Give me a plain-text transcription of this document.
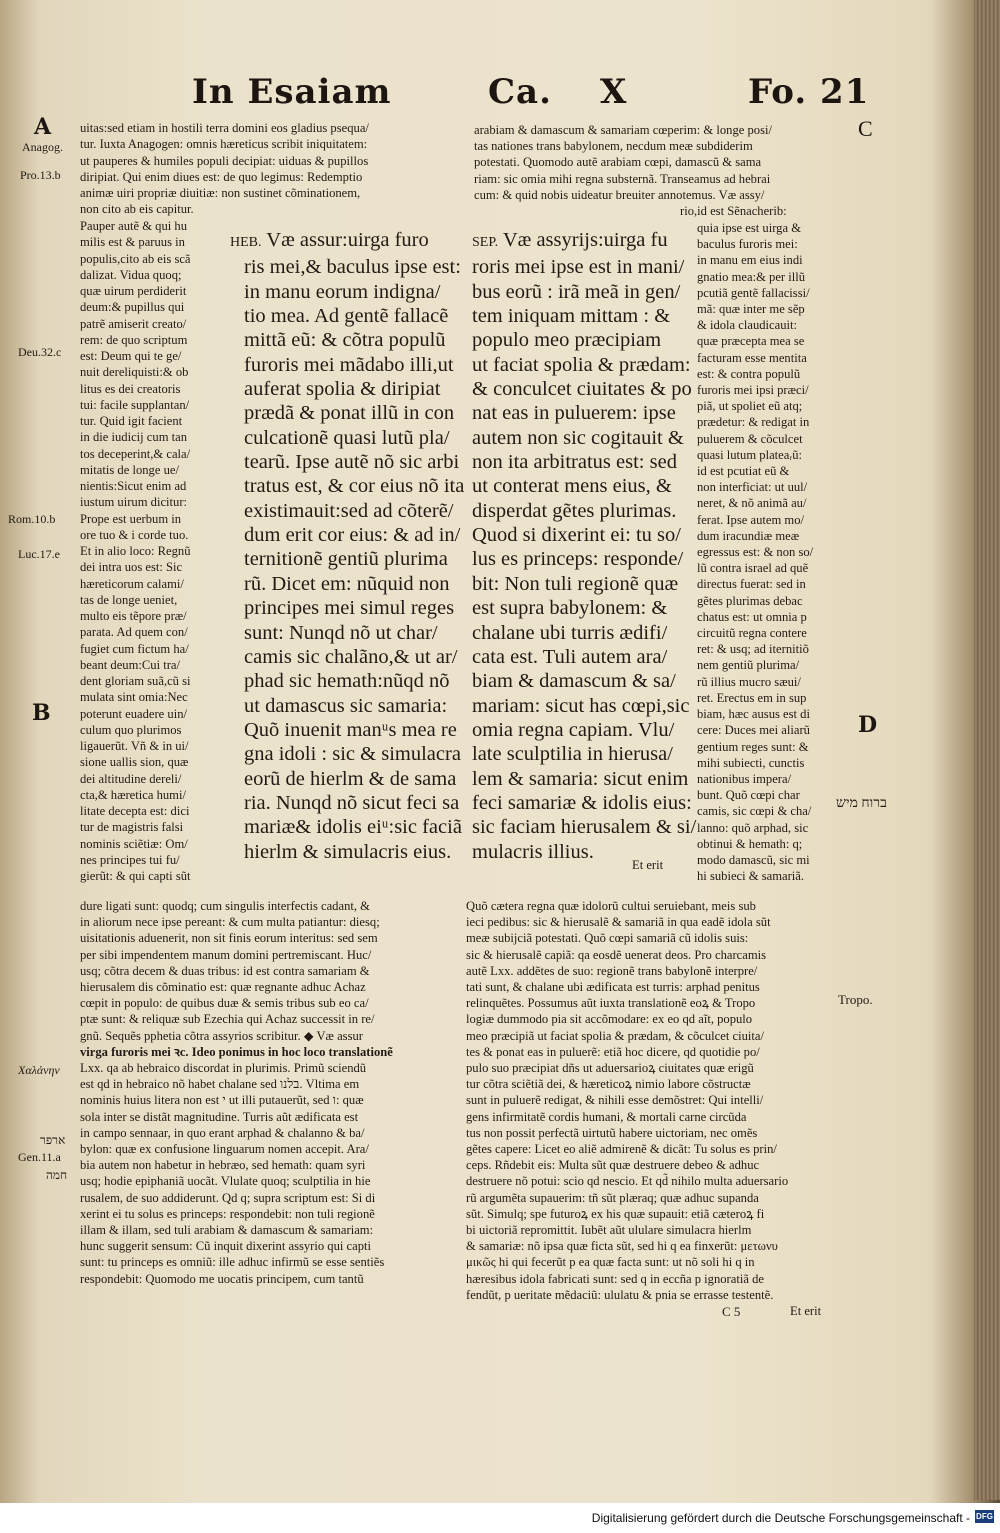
In Esaiam	Ca. X	Fo. 21
A
Anagog.
Pro.13.b
Deu.32.c
Rom.10.b
Luc.17.e
B
Χαλάνην
ארפר
Gen.11.a
חמה
C
D
ברוח מיש
Tropo.
uitas:sed etiam in hostili terra domini eos gladius psequa/
tur. Iuxta Anagogen: omnis hæreticus scribit iniquitatem:
ut pauperes & humiles populi decipiat: uiduas & pupillos
diripiat. Qui enim diues est: de quo legimus: Redemptio
animæ uiri propriæ diuitiæ: non sustinet cõminationem,
non cito ab eis capitur.
Pauper autẽ & qui hu
milis est & paruus in
populis,cito ab eis scã
dalizat. Vidua quoq;
quæ uirum perdiderit
deum:& pupillus qui
patrẽ amiserit creato/
rem: de quo scriptum
est: Deum qui te ge/
nuit dereliquisti:& ob
litus es dei creatoris
tui: facile supplantan/
tur. Quid igit facient
in die iudicij cum tan
tos deceperint,& cala/
mitatis de longe ue/
nientis:Sicut enim ad
iustum uirum dicitur:
Prope est uerbum in
ore tuo & i corde tuo.
Et in alio loco: Regnũ
dei intra uos est: Sic
hæreticorum calami/
tas de longe ueniet,
multo eis tẽpore præ/
parata. Ad quem con/
fugiet cum fictum ha/
beant deum:Cui tra/
dent gloriam suã,cũ si
mulata sint omia:Nec
poterunt euadere uin/
culum quo plurimos
ligauerũt. Vñ & in ui/
sione uallis sion, quæ
dei altitudine dereli/
cta,& hæretica humi/
litate decepta est: dici
tur de magistris falsi
nominis sciẽtiæ: Om/
nes principes tui fu/
gierũt: & qui capti sũt
HEB. Væ assur:uirga furo
ris mei,& baculus ipse est:
in manu eorum indigna/
tio mea. Ad gentẽ fallacẽ
mittã eũ: & cõtra populũ
furoris mei mãdabo illi,ut
auferat spolia & diripiat
prædã & ponat illũ in con
culcationẽ quasi lutũ pla/
tearũ. Ipse autẽ nõ sic arbi
tratus est, & cor eius nõ ita
existimauit:sed ad cõterẽ/
dum erit cor eius: & ad in/
ternitionẽ gentiũ plurima
rũ. Dicet em: nũquid non
principes mei simul reges
sunt: Nunqd nõ ut char/
camis sic chalãno,& ut ar/
phad sic hemath:nũqd nõ
ut damascus sic samaria:
Quõ inuenit manᵘs mea re
gna idoli : sic & simulacra
eorũ de hierlm & de sama
ria. Nunqd nõ sicut feci sa
mariæ& idolis eiᵘ:sic faciã
hierlm & simulacris eius.
SEP. Væ assyrijs:uirga fu
roris mei ipse est in mani/
bus eorũ : irã meã in gen/
tem iniquam mittam : &
populo meo præcipiam
ut faciat spolia & prædam:
& conculcet ciuitates & po
nat eas in puluerem: ipse
autem non sic cogitauit &
non ita arbitratus est: sed
ut conterat mens eius, &
disperdat gẽtes plurimas.
Quod si dixerint ei: tu so/
lus es princeps: responde/
bit: Non tuli regionẽ quæ
est supra babylonem: &
chalane ubi turris ædifi/
cata est. Tuli autem ara/
biam & damascum & sa/
mariam: sicut has cœpi,sic
omia regna capiam. Vlu/
late sculptilia in hierusa/
lem & samaria: sicut enim
feci samariæ & idolis eius:
sic faciam hierusalem & si/
mulacris illius.
Et erit
arabiam & damascum & samariam cœperim: & longe posi/
tas nationes trans babylonem, necdum meæ subdiderim
potestati. Quomodo autẽ arabiam cœpi, damascũ & sama
riam: sic omia mihi regna substernã. Transeamus ad hebrai
cum: & quid nobis uideatur breuiter annotemus. Væ assy/
rio,id est Sẽnacherib:
quia ipse est uirga &
baculus furoris mei:
in manu em eius indi
gnatio mea:& per illũ
pcutiã gentẽ fallacissi/
mã: quæ inter me sẽp
& idola claudicauit:
quæ præcepta mea se
facturam esse mentita
est: & contra populũ
furoris mei ipsi præci/
piã, ut spoliet eũ atq;
prædetur: & redigat in
puluerem & cõculcet
quasi lutum plateaᵣũ:
id est pcutiat eũ &
non interficiat: ut uul/
neret, & nõ animã au/
ferat. Ipse autem mo/
dum iracundiæ meæ
egressus est: & non so/
lũ contra israel ad quẽ
directus fuerat: sed in
gẽtes plurimas debac
chatus est: ut omnia p
circuitũ regna contere
ret: & usq; ad iternitiõ
nem gentiũ plurima/
rũ illius mucro sæui/
ret. Erectus em in sup
biam, hæc ausus est di
cere: Duces mei aliarũ
gentium reges sunt: &
mihi subiecti, cunctis
nationibus impera/
bunt. Quõ cœpi char
camis, sic cœpi & cha/
lanno: quõ arphad, sic
obtinui & hemath: q;
modo damascũ, sic mi
hi subieci & samariã.
dure ligati sunt: quodq; cum singulis interfectis cadant, &
in aliorum nece ipse pereant: & cum multa patiantur: diesq;
uisitationis aduenerit, non sit finis eorum interitus: sed sem
per sibi impendentem manum domini pertremiscant. Huc/
usq; cõtra decem & duas tribus: id est contra samariam &
hierusalem dis cõminatio est: quæ regnante adhuc Achaz
cœpit in populo: de quibus duæ & semis tribus sub eo ca/
ptæ sunt: & reliquæ sub Ezechia qui Achaz successit in re/
gnũ. Sequẽs pphetia cõtra assyrios scribitur. ◆ Væ assur
virga furoris mei ꝛc. Ideo ponimus in hoc loco translationẽ
Lxx. qa ab hebraico discordat in plurimis. Primũ sciendũ
est qd in hebraico nõ habet chalane sed בלנו. Vltima em
nominis huius litera non est י ut illi putauerũt, sed ו: quæ
sola inter se distãt magnitudine. Turris aũt ædificata est
in campo sennaar, in quo erant arphad & chalanno & ba/
bylon: quæ ex confusione linguarum nomen accepit. Ara/
bia autem non habetur in hebræo, sed hemath: quam syri
usq; hodie epiphaniã uocãt. Vlulate quoq; sculptilia in hie
rusalem, de suo addiderunt. Qd q; supra scriptum est: Si di
xerint ei tu solus es princeps: respondebit: non tuli regionẽ
illam & illam, sed tuli arabiam & damascum & samariam:
hunc suggerit sensum: Cũ inquit dixerint assyrio qui capti
sunt: tu princeps es omniũ: ille adhuc infirmũ se esse sentiẽs
respondebit: Quomodo me uocatis principem, cum tantũ
Quõ cætera regna quæ idolorũ cultui seruiebant, meis sub
ieci pedibus: sic & hierusalẽ & samariã in qua eadẽ idola sũt
meæ subijciã potestati. Quõ cœpi samariã cũ idolis suis:
sic & hierusalẽ capiã: qa eosdẽ uenerat deos. Pro charcamis
autẽ Lxx. addẽtes de suo: regionẽ trans babylonẽ interpre/
tati sunt, & chalane ubi ædificata est turris: arphad penitus
relinquẽtes. Possumus aũt iuxta translationẽ eoꝝ & Tropo
logiæ dummodo pia sit accõmodare: ex eo qd aĩt, populo
meo præcipiã ut faciat spolia & prædam, & cõculcet ciuita/
tes & ponat eas in puluerẽ: etiã hoc dicere, qd quotidie po/
pulo suo præcipiat dñs ut aduersarioꝝ ciuitates quæ erigũ
tur cõtra sciẽtiã dei, & hæreticoꝝ nimio labore cõstructæ
sunt in puluerẽ redigat, & nihili esse demõstret: Qui intelli/
gens infirmitatẽ cordis humani, & mortali carne circũda
tus non possit perfectã uirtutũ habere uictoriam, nec omẽs
gẽtes capere: Licet eo aliẽ admirenẽ & dicãt: Tu solus es prin/
ceps. Rñdebit eis: Multa sũt quæ destruere debeo & adhuc
destruere nõ potui: scio qd nescio. Et qd̃ nihilo multa aduersario
rũ argumẽta supauerim: tñ sũt plæraq; quæ adhuc supanda
sũt. Simulq; spe futuroꝝ ex his quæ supauit: etiã cæteroꝝ fi
bi uictoriã repromittit. Iubẽt aũt ululare simulacra hierlm
& samariæ: nõ ipsa quæ ficta sũt, sed hi q ea finxerũt: μετωνυ
μικῶς hi qui fecerũt p ea quæ facta sunt: ut nõ soli hi q in
hæresibus idola fabricati sunt: sed q in eccña p ignoratiã de
fendũt, p ueritate mẽdaciũ: ululatu & pnia se errasse testentẽ.
C 5	Et erit
Digitalisierung gefördert durch die Deutsche Forschungsgemeinschaft - DFG
